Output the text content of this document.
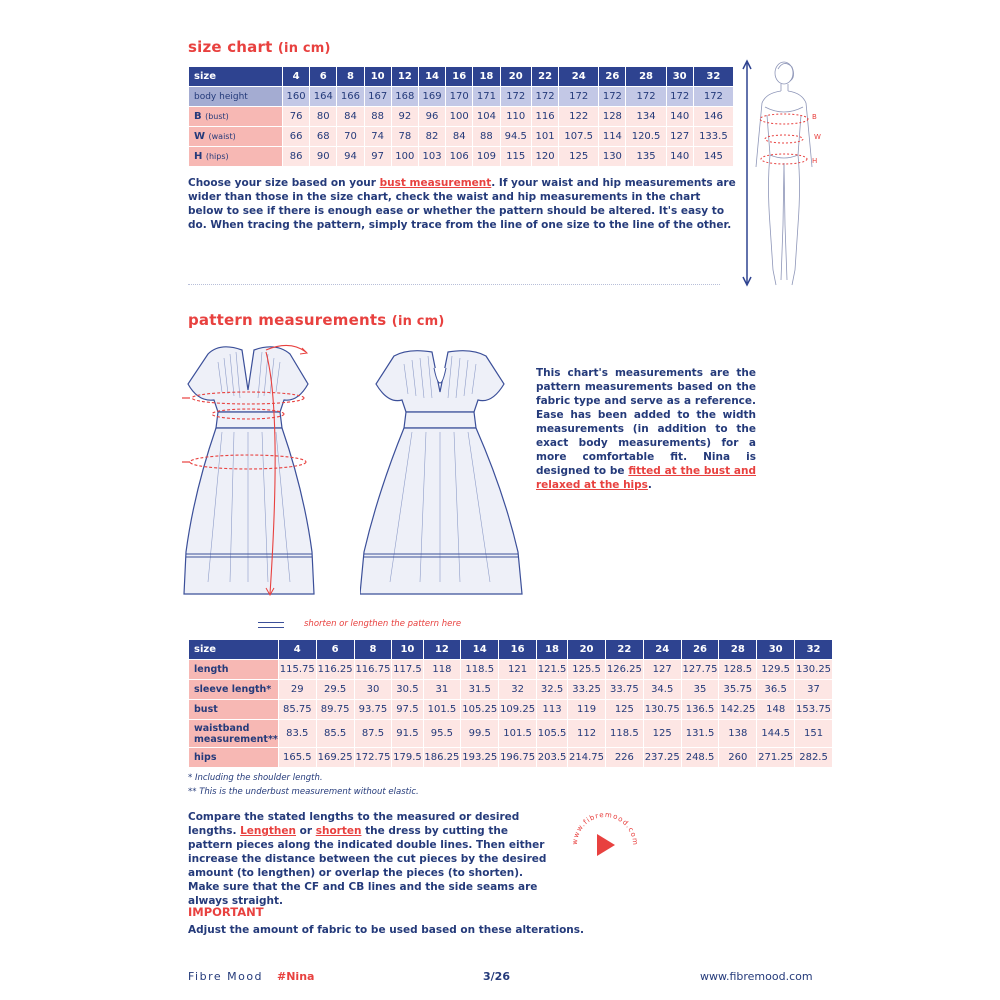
size chart (in cm)
size	4	6	8	10	12	14	16	18	20	22	24	26	28	30	32
body height	160	164	166	167	168	169	170	171	172	172	172	172	172	172	172
B (bust)	76	80	84	88	92	96	100	104	110	116	122	128	134	140	146
W (waist)	66	68	70	74	78	82	84	88	94.5	101	107.5	114	120.5	127	133.5
H (hips)	86	90	94	97	100	103	106	109	115	120	125	130	135	140	145
B
W
H
Choose your size based on your bust measurement. If your waist and hip measurements are wider than those in the size chart, check the waist and hip measurements in the chart below to see if there is enough ease or whether the pattern should be altered. It's easy to do. When tracing the pattern, simply trace from the line of one size to the line of the other.
pattern measurements (in cm)
This chart's measurements are the pattern measurements based on the fabric type and serve as a reference. Ease has been added to the width measurements (in addition to the exact body measurements) for a more comfortable fit. Nina is designed to be fitted at the bust and relaxed at the hips.
shorten or lengthen the pattern here
size	4	6	8	10	12	14	16	18	20	22	24	26	28	30	32
length	115.75	116.25	116.75	117.5	118	118.5	121	121.5	125.5	126.25	127	127.75	128.5	129.5	130.25
sleeve length*	29	29.5	30	30.5	31	31.5	32	32.5	33.25	33.75	34.5	35	35.75	36.5	37
bust	85.75	89.75	93.75	97.5	101.5	105.25	109.25	113	119	125	130.75	136.5	142.25	148	153.75
waistband measurement**	83.5	85.5	87.5	91.5	95.5	99.5	101.5	105.5	112	118.5	125	131.5	138	144.5	151
hips	165.5	169.25	172.75	179.5	186.25	193.25	196.75	203.5	214.75	226	237.25	248.5	260	271.25	282.5
* Including the shoulder length.
** This is the underbust measurement without elastic.
Compare the stated lengths to the measured or desired lengths. Lengthen or shorten the dress by cutting the pattern pieces along the indicated double lines. Then either increase the distance between the cut pieces by the desired amount (to lengthen) or overlap the pieces (to shorten). Make sure that the CF and CB lines and the side seams are always straight.
www.fibremood.com
IMPORTANT
Adjust the amount of fabric to be used based on these alterations.
Fibre Mood #Nina	3/26	www.fibremood.com
